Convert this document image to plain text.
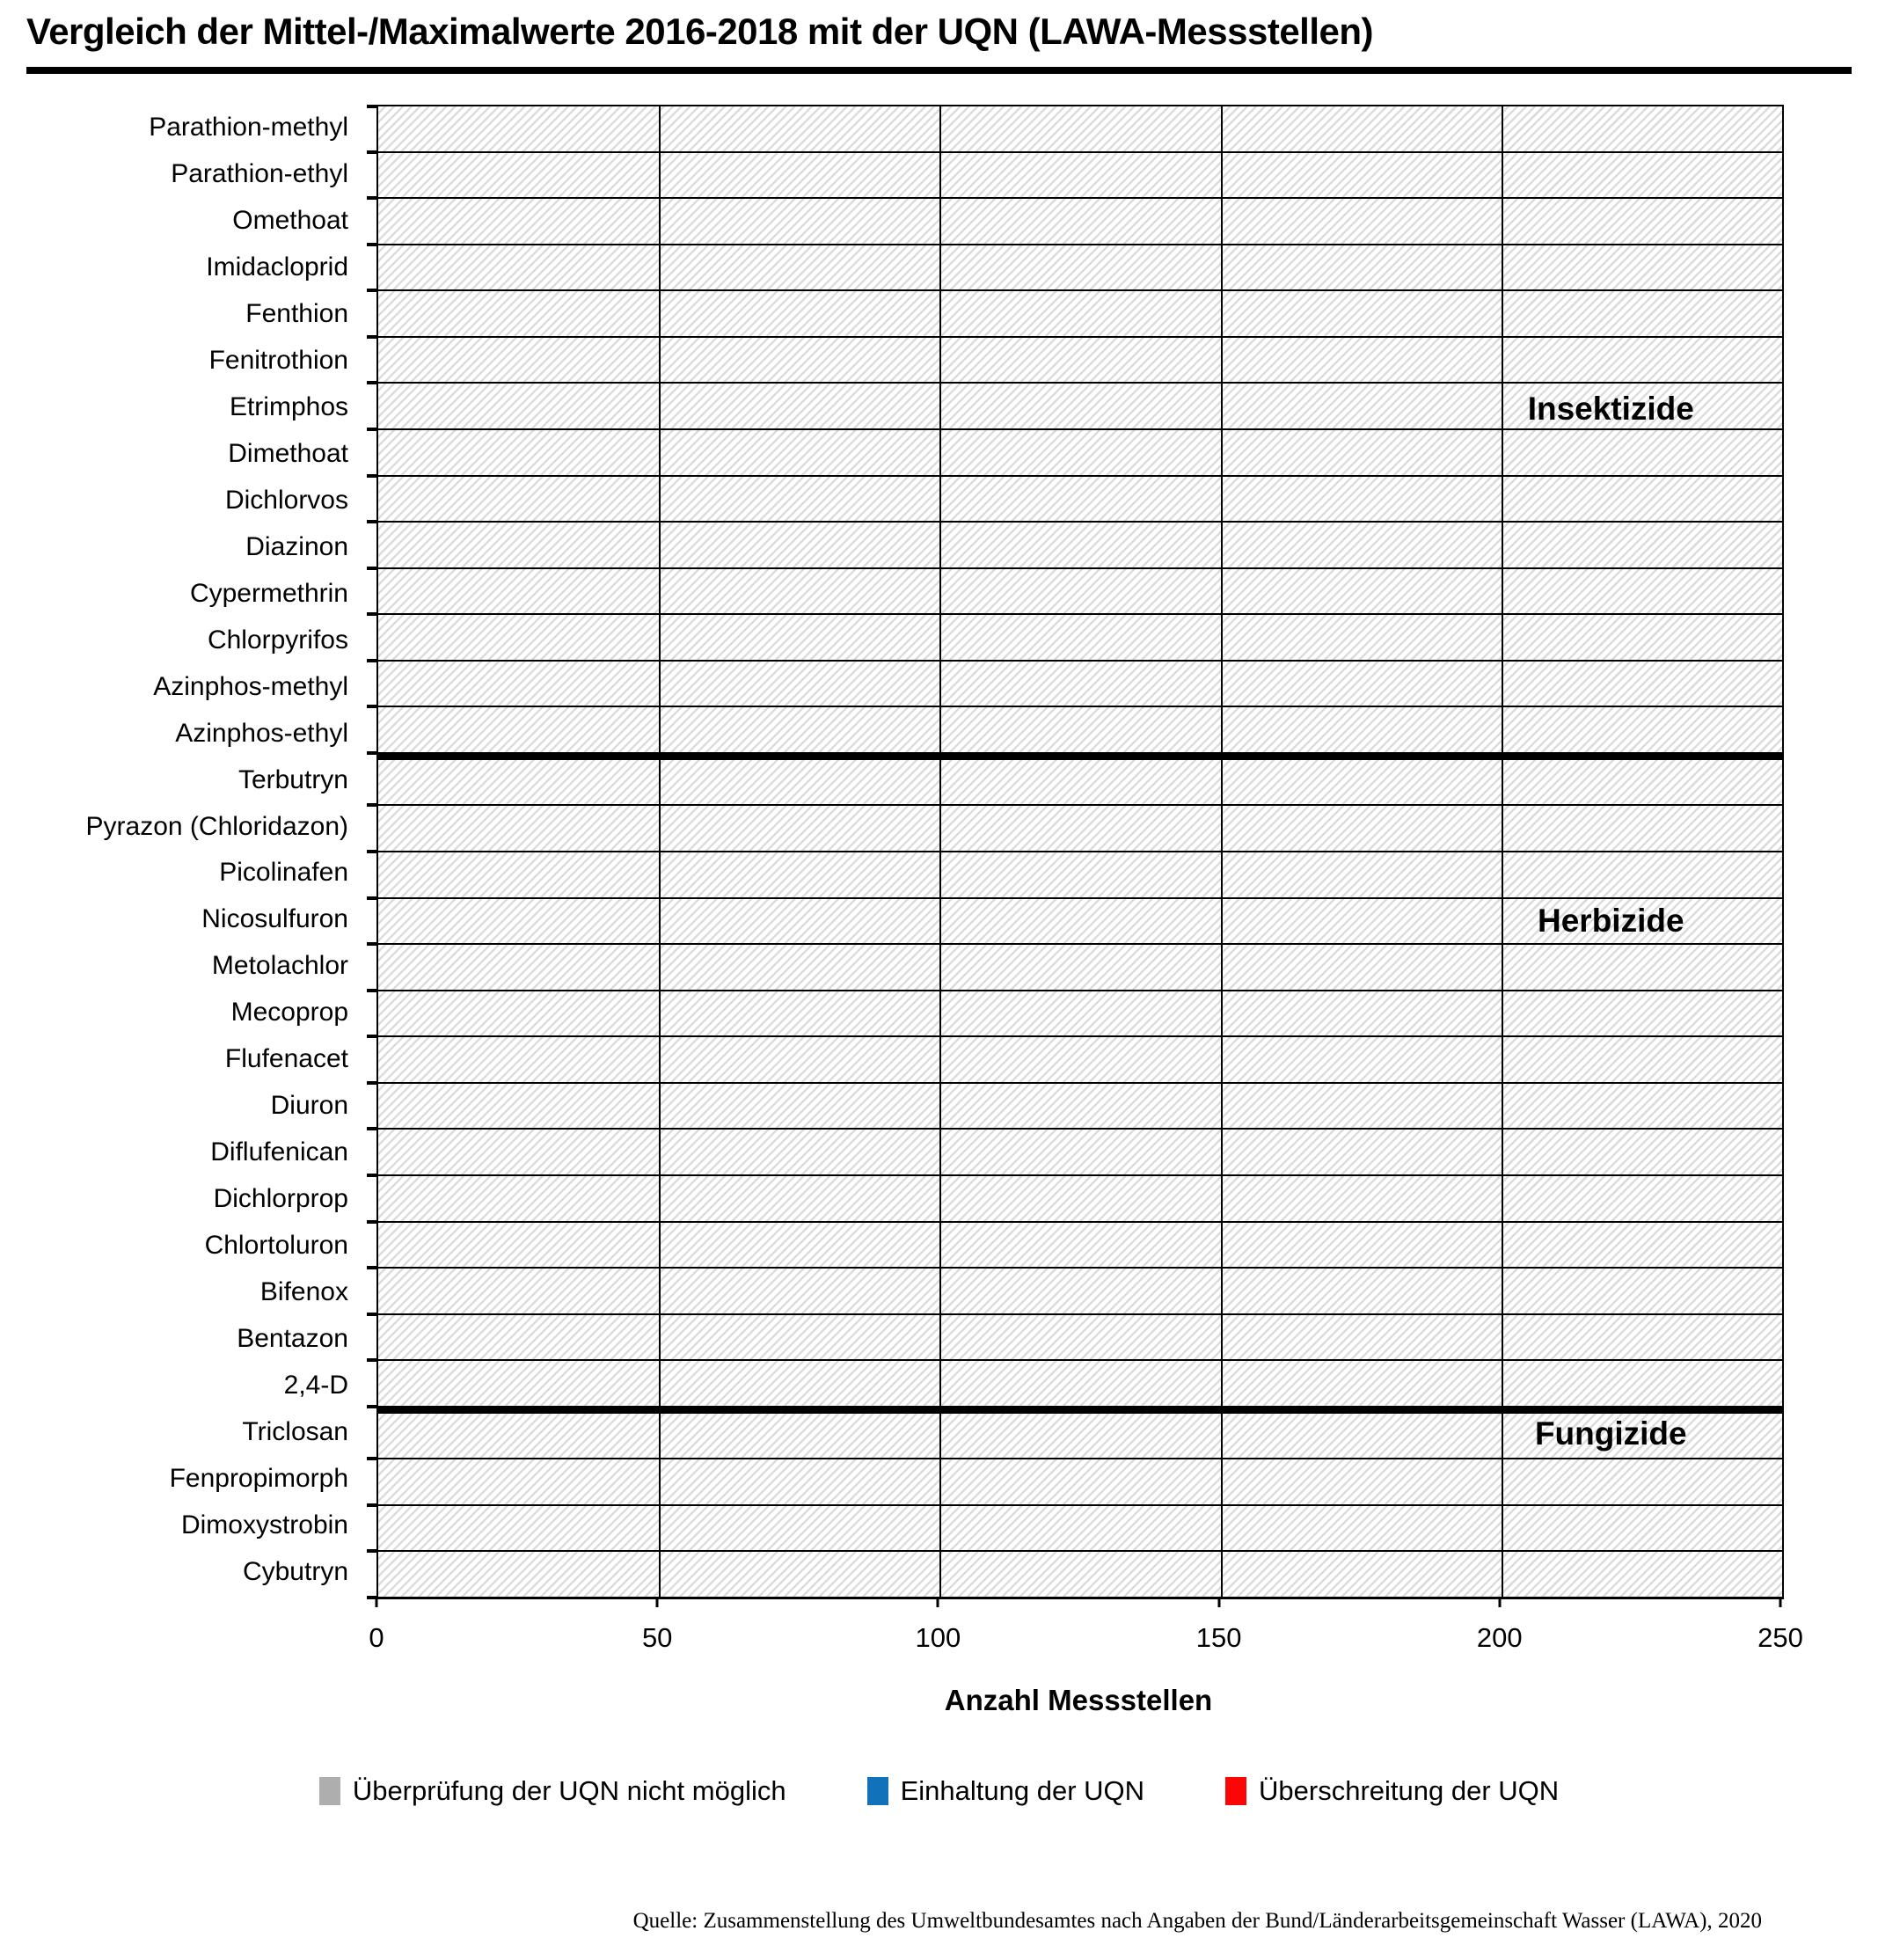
Vergleich der Mittel-/Maximalwerte 2016-2018 mit der UQN (LAWA-Messstellen)
Parathion-methyl
Parathion-ethyl
Omethoat
Imidacloprid
Fenthion
Fenitrothion
Etrimphos
Dimethoat
Dichlorvos
Diazinon
Cypermethrin
Chlorpyrifos
Azinphos-methyl
Azinphos-ethyl
Terbutryn
Pyrazon (Chloridazon)
Picolinafen
Nicosulfuron
Metolachlor
Mecoprop
Flufenacet
Diuron
Diflufenican
Dichlorprop
Chlortoluron
Bifenox
Bentazon
2,4-D
Triclosan
Fenpropimorph
Dimoxystrobin
Cybutryn
Insektizide
Herbizide
Fungizide
0	50	100	150	200	250
Anzahl Messstellen
Überprüfung der UQN nicht möglich	Einhaltung der UQN	Überschreitung der UQN
Quelle: Zusammenstellung des Umweltbundesamtes nach Angaben der Bund/Länderarbeitsgemeinschaft Wasser (LAWA), 2020
